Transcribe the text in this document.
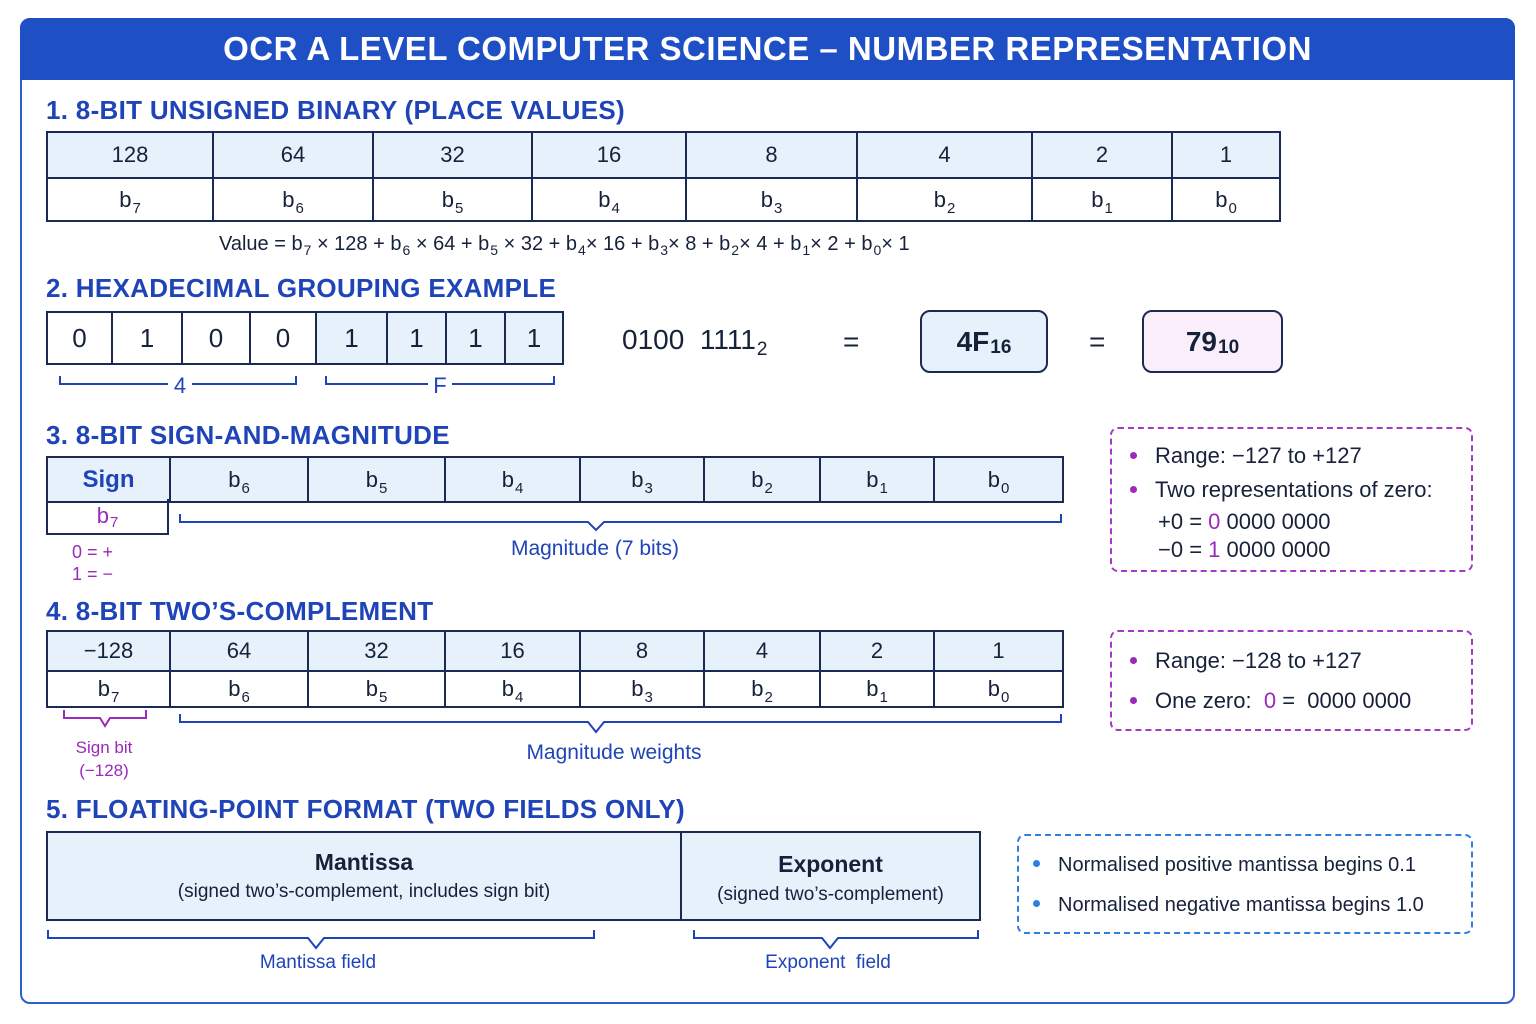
OCR A LEVEL COMPUTER SCIENCE – NUMBER REPRESENTATION
1. 8-BIT UNSIGNED BINARY (PLACE VALUES)
128	64	32	16	8	4	2	1
$b_7$	$b_6$	$b_5$	$b_4$	$b_3$	$b_2$	$b_1$	$b_0$
Value = $b_7 \times 128 + b_6 \times 64 + b_5 \times 32 + b_4\times 16 + b_3\times 8 + b_2\times 4 + b_1\times 2 + b_0\times 1$
2. HEXADECIMAL GROUPING EXAMPLE
0	1	0	0	1	1	1	1
4	F
0100  $1111_2$	=	4F 16	=	79 10
3. 8-BIT SIGN-AND-MAGNITUDE
Sign	$b_6$	$b_5$	$b_4$	$b_3$	$b_2$	$b_1$	$b_0$
b 7
0 = +
1 = −
Magnitude (7 bits)
Range: −127 to +127
Two representations of zero:
+0 = 0 0000 0000
−0 = 1 0000 0000
4. 8-BIT TWO’S-COMPLEMENT
−128	64	32	16	8	4	2	1
$b_7$	$b_6$	$b_5$	$b_4$	$b_3$	$b_2$	$b_1$	$b_0$
Sign bit
(−128)
Magnitude weights
Range: −128 to +127
One zero:  0 =  0000 0000
5. FLOATING-POINT FORMAT (TWO FIELDS ONLY)
Mantissa
(signed two’s-complement, includes sign bit)
Exponent
(signed two’s-complement)
Mantissa field	Exponent  field
Normalised positive mantissa begins 0.1
Normalised negative mantissa begins 1.0
